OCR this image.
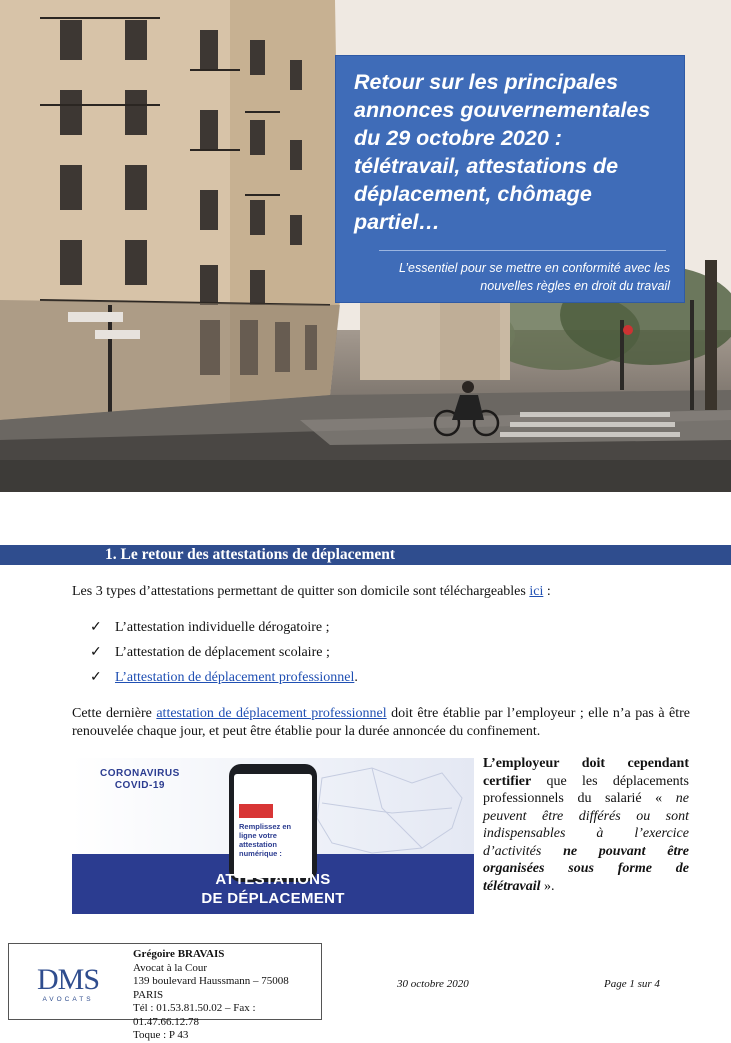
Retour sur les principales annonces gouvernementales du 29 octobre 2020 : télétravail, attestations de déplacement, chômage partiel…
L’essentiel pour se mettre en conformité avec les nouvelles règles en droit du travail
1. Le retour des attestations de déplacement
Les 3 types d’attestations permettant de quitter son domicile sont téléchargeables ici :
✓ L’attestation individuelle dérogatoire ;
✓ L’attestation de déplacement scolaire ;
✓ L’attestation de déplacement professionnel.
Cette dernière attestation de déplacement professionnel doit être établie par l’employeur ; elle n’a pas à être renouvelée chaque jour, et peut être établie pour la durée annoncée du confinement.
CORONAVIRUS
COVID-19
Remplissez en ligne votre attestation numérique :
ATTESTATIONS
DE DÉPLACEMENT
L’employeur doit cependant certifier que les déplacements professionnels du salarié « ne peuvent être différés ou sont indispensables à l’exercice d’activités ne pouvant être organisées sous forme de télétravail ».
DMS
AVOCATS
Grégoire BRAVAIS
Avocat à la Cour
139 boulevard Haussmann – 75008 PARIS
Tél : 01.53.81.50.02 – Fax : 01.47.66.12.78
Toque : P 43
30 octobre 2020	Page 1 sur 4
